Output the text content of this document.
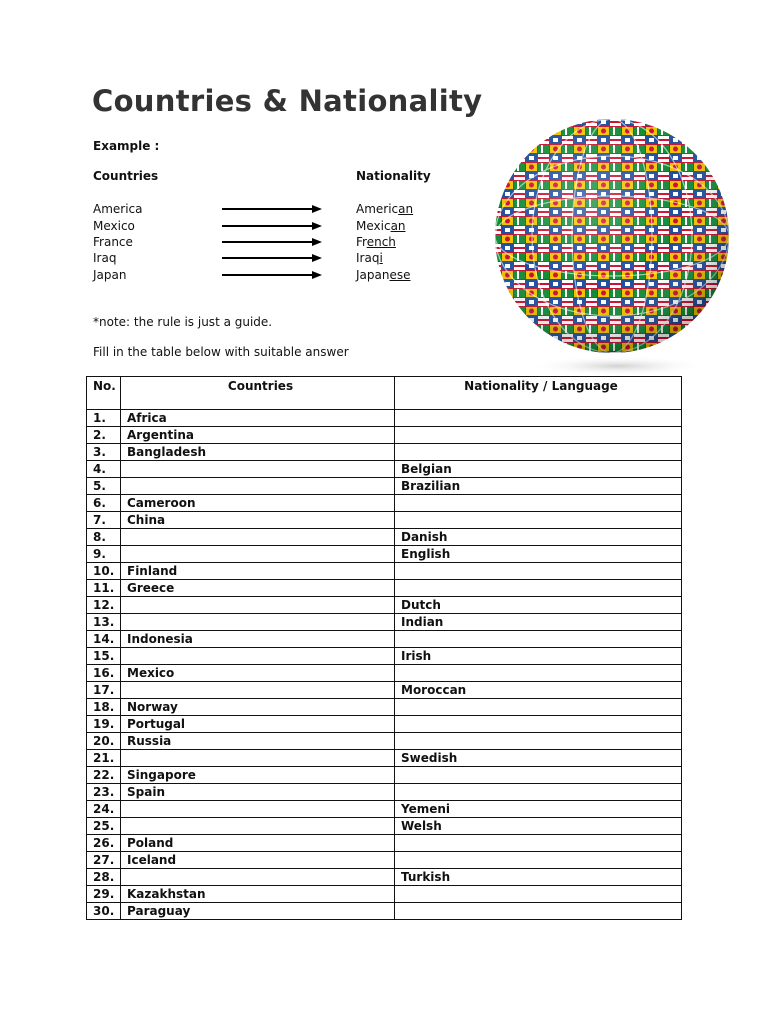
Countries & Nationality
Example :
Countries	Nationality
America	American
Mexico	Mexican
France	French
Iraq	Iraqi
Japan	Japanese
*note: the rule is just a guide.
Fill in the table below with suitable answer
No.	Countries	Nationality / Language
1.	Africa	
2.	Argentina	
3.	Bangladesh	
4.		Belgian
5.		Brazilian
6.	Cameroon	
7.	China	
8.		Danish
9.		English
10.	Finland	
11.	Greece	
12.		Dutch
13.		Indian
14.	Indonesia	
15.		Irish
16.	Mexico	
17.		Moroccan
18.	Norway	
19.	Portugal	
20.	Russia	
21.		Swedish
22.	Singapore	
23.	Spain	
24.		Yemeni
25.		Welsh
26.	Poland	
27.	Iceland	
28.		Turkish
29.	Kazakhstan	
30.	Paraguay	
